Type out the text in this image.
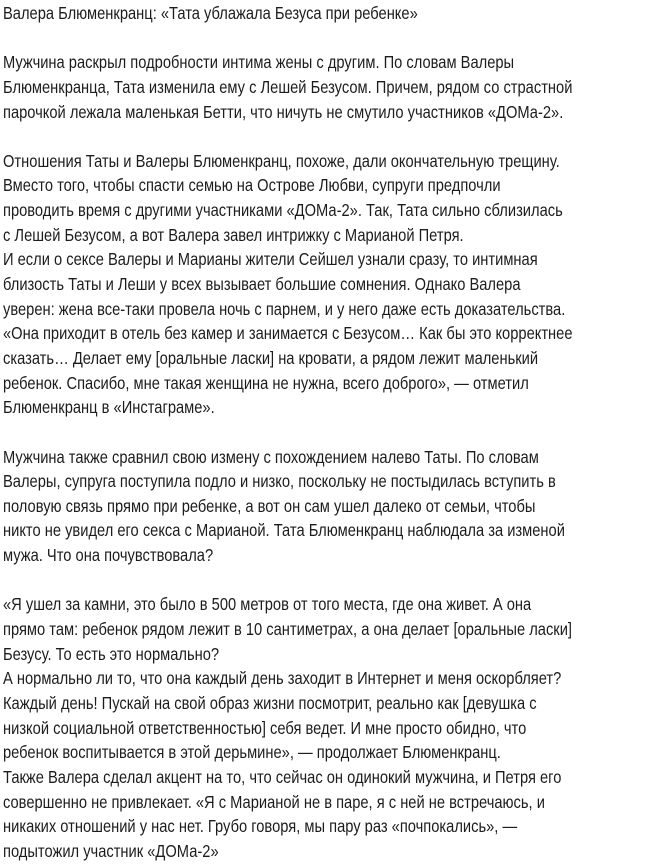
Валера Блюменкранц: «Тата ублажала Безуса при ребенке»
Мужчина раскрыл подробности интима жены с другим. По словам Валеры
Блюменкранца, Тата изменила ему с Лешей Безусом. Причем, рядом со страстной
парочкой лежала маленькая Бетти, что ничуть не смутило участников «ДОМа-2».
Отношения Таты и Валеры Блюменкранц, похоже, дали окончательную трещину.
Вместо того, чтобы спасти семью на Острове Любви, супруги предпочли
проводить время с другими участниками «ДОМа-2». Так, Тата сильно сблизилась
с Лешей Безусом, а вот Валера завел интрижку с Марианой Петря.
И если о сексе Валеры и Марианы жители Сейшел узнали сразу, то интимная
близость Таты и Леши у всех вызывает большие сомнения. Однако Валера
уверен: жена все-таки провела ночь с парнем, и у него даже есть доказательства.
«Она приходит в отель без камер и занимается с Безусом… Как бы это корректнее
сказать… Делает ему [оральные ласки] на кровати, а рядом лежит маленький
ребенок. Спасибо, мне такая женщина не нужна, всего доброго», — отметил
Блюменкранц в «Инстаграме».
Мужчина также сравнил свою измену с похождением налево Таты. По словам
Валеры, супруга поступила подло и низко, поскольку не постыдилась вступить в
половую связь прямо при ребенке, а вот он сам ушел далеко от семьи, чтобы
никто не увидел его секса с Марианой. Тата Блюменкранц наблюдала за изменой
мужа. Что она почувствовала?
«Я ушел за камни, это было в 500 метров от того места, где она живет. А она
прямо там: ребенок рядом лежит в 10 сантиметрах, а она делает [оральные ласки]
Безусу. То есть это нормально?
А нормально ли то, что она каждый день заходит в Интернет и меня оскорбляет?
Каждый день! Пускай на свой образ жизни посмотрит, реально как [девушка с
низкой социальной ответственностью] себя ведет. И мне просто обидно, что
ребенок воспитывается в этой дерьмине», — продолжает Блюменкранц.
Также Валера сделал акцент на то, что сейчас он одинокий мужчина, и Петря его
совершенно не привлекает. «Я с Марианой не в паре, я с ней не встречаюсь, и
никаких отношений у нас нет. Грубо говоря, мы пару раз «почпокались», —
подытожил участник «ДОМа-2»
